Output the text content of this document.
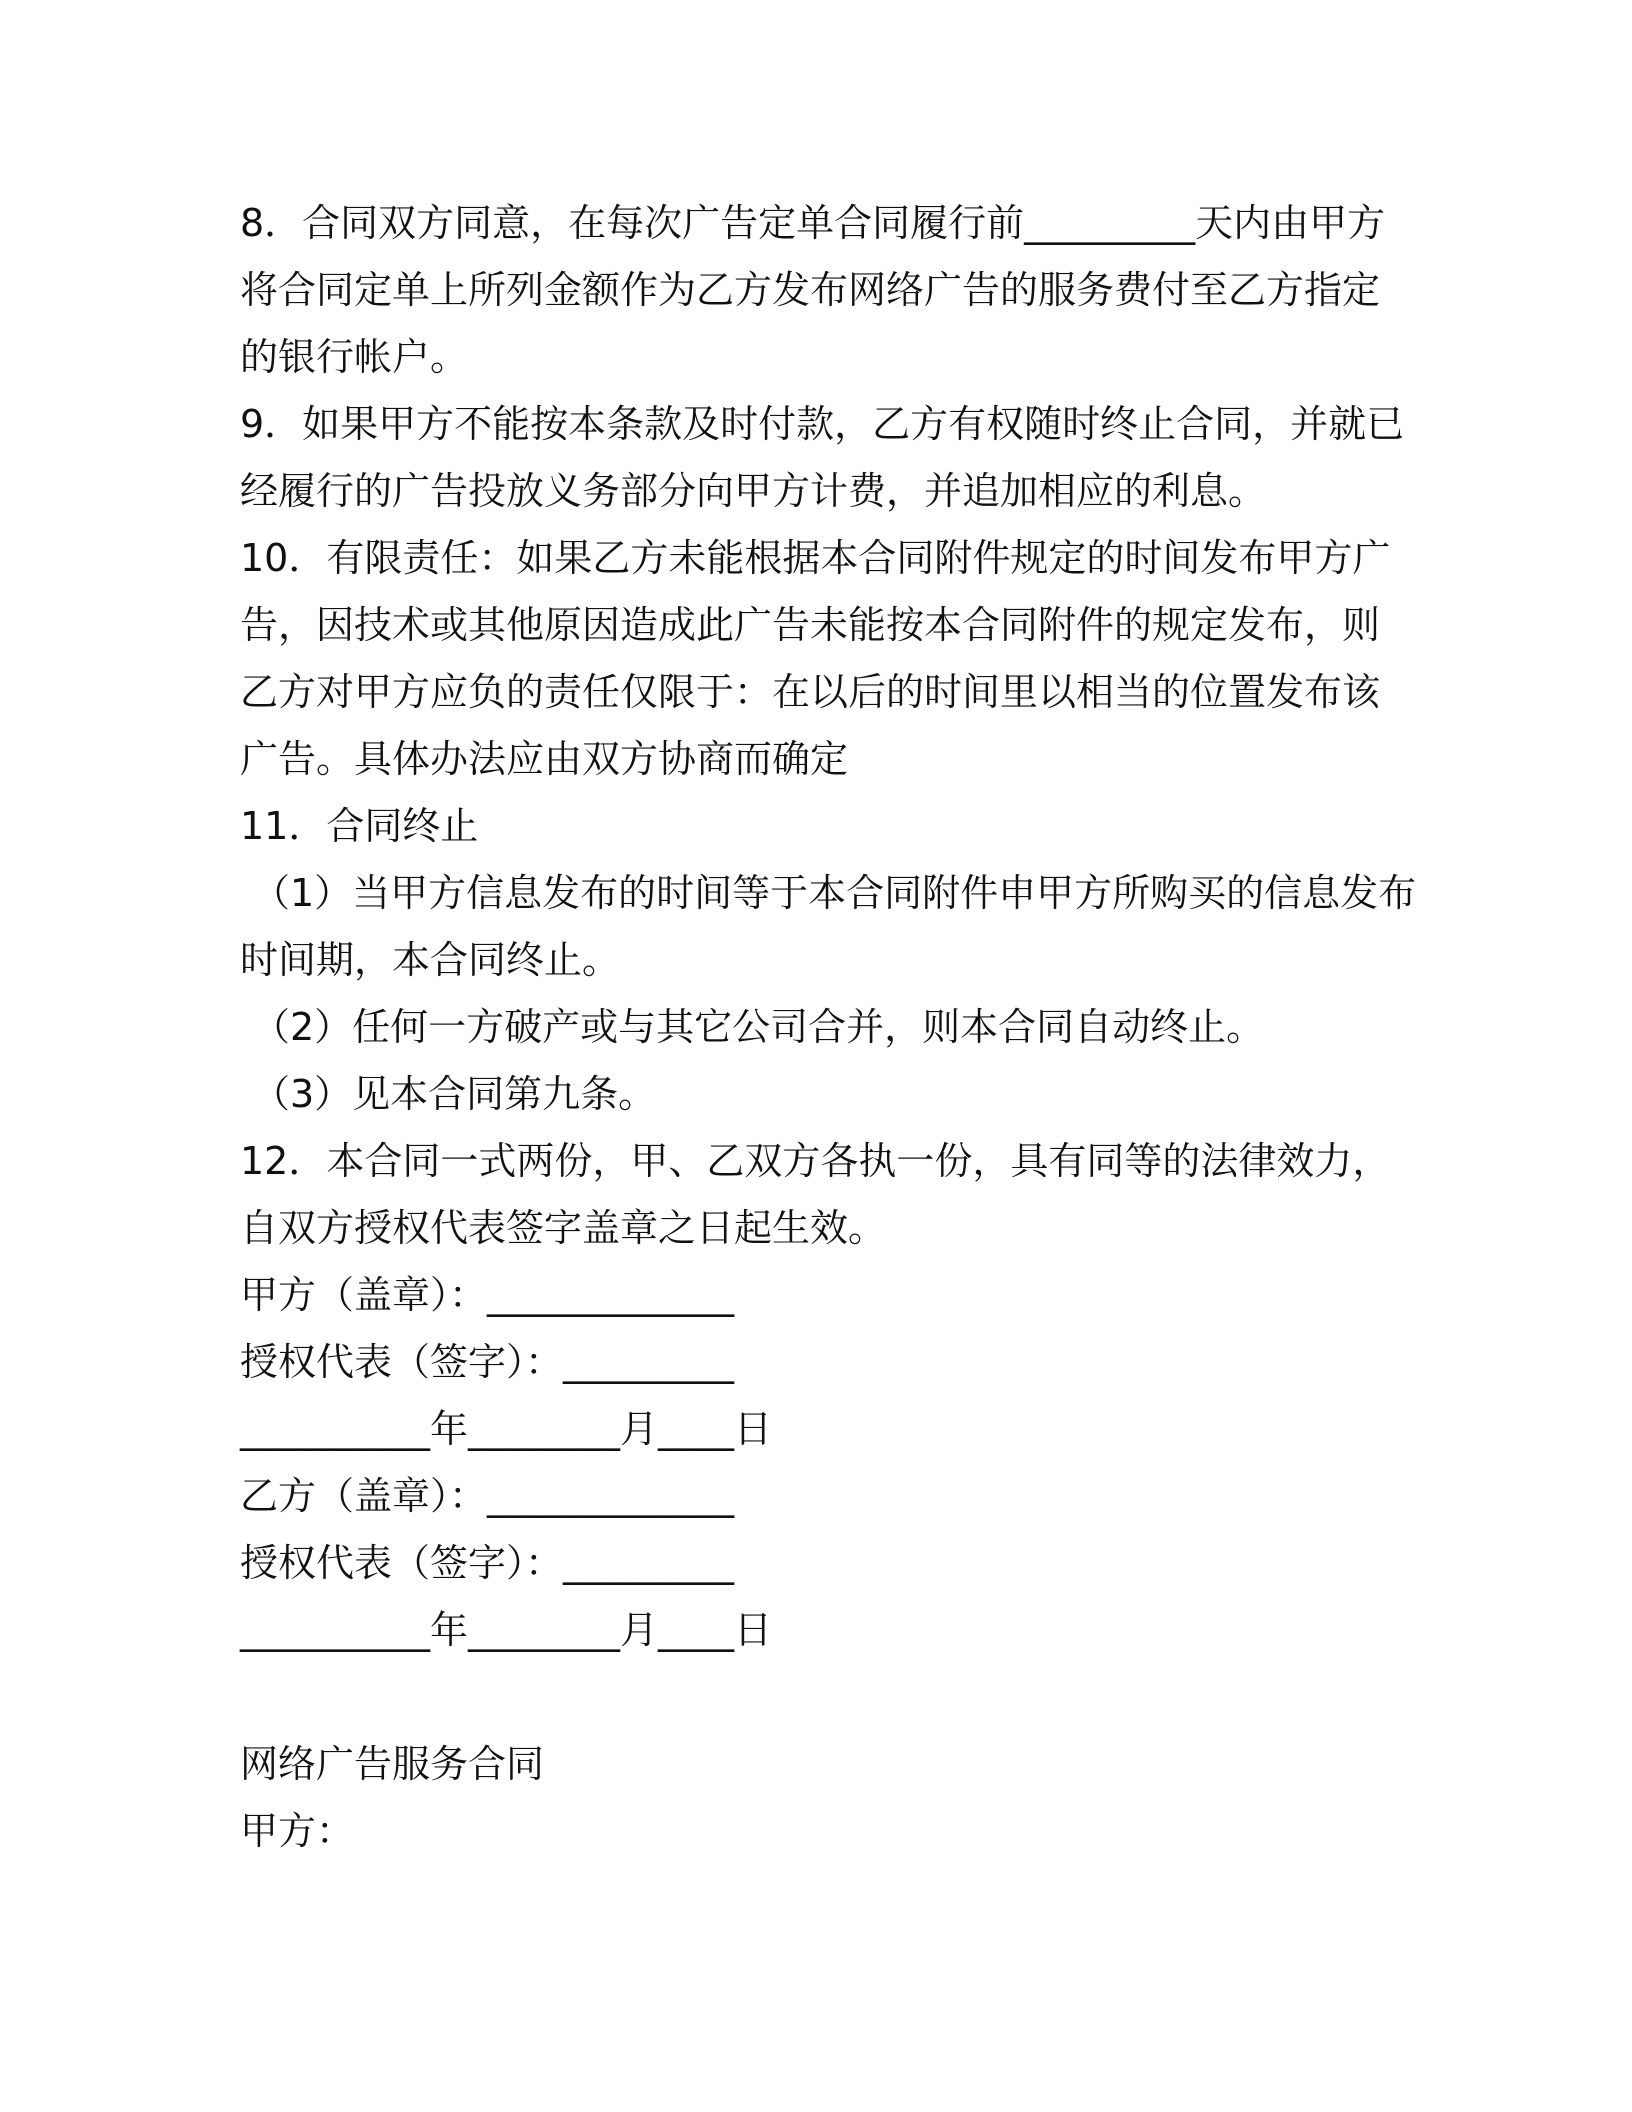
8．合同双方同意，在每次广告定单合同履行前_________天内由甲方
将合同定单上所列金额作为乙方发布网络广告的服务费付至乙方指定
的银行帐户。
9．如果甲方不能按本条款及时付款，乙方有权随时终止合同，并就已
经履行的广告投放义务部分向甲方计费，并追加相应的利息。
10．有限责任：如果乙方未能根据本合同附件规定的时间发布甲方广
告，因技术或其他原因造成此广告未能按本合同附件的规定发布，则
乙方对甲方应负的责任仅限于：在以后的时间里以相当的位置发布该
广告。具体办法应由双方协商而确定
11．合同终止
（1）当甲方信息发布的时间等于本合同附件申甲方所购买的信息发布
时间期，本合同终止。
（2）任何一方破产或与其它公司合并，则本合同自动终止。
（3）见本合同第九条。
12．本合同一式两份，甲、乙双方各执一份，具有同等的法律效力，
自双方授权代表签字盖章之日起生效。
甲方（盖章）：_____________
授权代表（签字）：_________
__________年________月____日
乙方（盖章）：_____________
授权代表（签字）：_________
__________年________月____日
网络广告服务合同
甲方：
